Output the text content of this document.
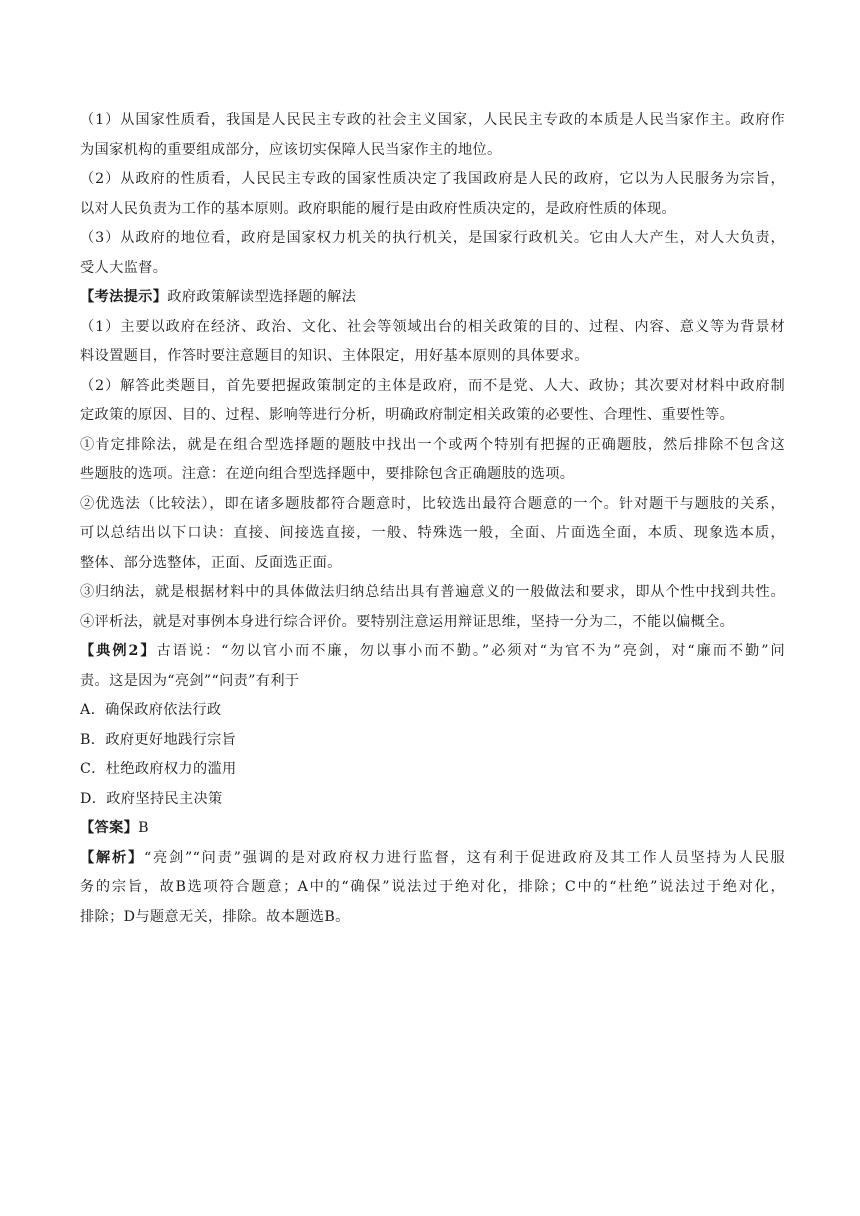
（1）从国家性质看，我国是人民民主专政的社会主义国家，人民民主专政的本质是人民当家作主。政府作

为国家机构的重要组成部分，应该切实保障人民当家作主的地位。

（2）从政府的性质看，人民民主专政的国家性质决定了我国政府是人民的政府，它以为人民服务为宗旨，

以对人民负责为工作的基本原则。政府职能的履行是由政府性质决定的，是政府性质的体现。

（3）从政府的地位看，政府是国家权力机关的执行机关，是国家行政机关。它由人大产生，对人大负责，

受人大监督。

【考法提示】政府政策解读型选择题的解法

（1）主要以政府在经济、政治、文化、社会等领域出台的相关政策的目的、过程、内容、意义等为背景材

料设置题目，作答时要注意题目的知识、主体限定，用好基本原则的具体要求。

（2）解答此类题目，首先要把握政策制定的主体是政府，而不是党、人大、政协；其次要对材料中政府制

定政策的原因、目的、过程、影响等进行分析，明确政府制定相关政策的必要性、合理性、重要性等。

①肯定排除法，就是在组合型选择题的题肢中找出一个或两个特别有把握的正确题肢，然后排除不包含这

些题肢的选项。注意：在逆向组合型选择题中，要排除包含正确题肢的选项。

②优选法（比较法），即在诸多题肢都符合题意时，比较选出最符合题意的一个。针对题干与题肢的关系，

可以总结出以下口诀：直接、间接选直接，一般、特殊选一般，全面、片面选全面，本质、现象选本质，

整体、部分选整体，正面、反面选正面。

③归纳法，就是根据材料中的具体做法归纳总结出具有普遍意义的一般做法和要求，即从个性中找到共性。

④评析法，就是对事例本身进行综合评价。要特别注意运用辩证思维，坚持一分为二，不能以偏概全。

【典例2】古语说：“勿以官小而不廉，勿以事小而不勤。”必须对“为官不为”亮剑，对“廉而不勤”问

责。这是因为“亮剑”“问责”有利于

A．确保政府依法行政

B．政府更好地践行宗旨

C．杜绝政府权力的滥用

D．政府坚持民主决策

【答案】B

【解析】“亮剑”“问责”强调的是对政府权力进行监督，这有利于促进政府及其工作人员坚持为人民服

务的宗旨，故B选项符合题意；A中的“确保”说法过于绝对化，排除；C中的“杜绝”说法过于绝对化，

排除；D与题意无关，排除。故本题选B。
